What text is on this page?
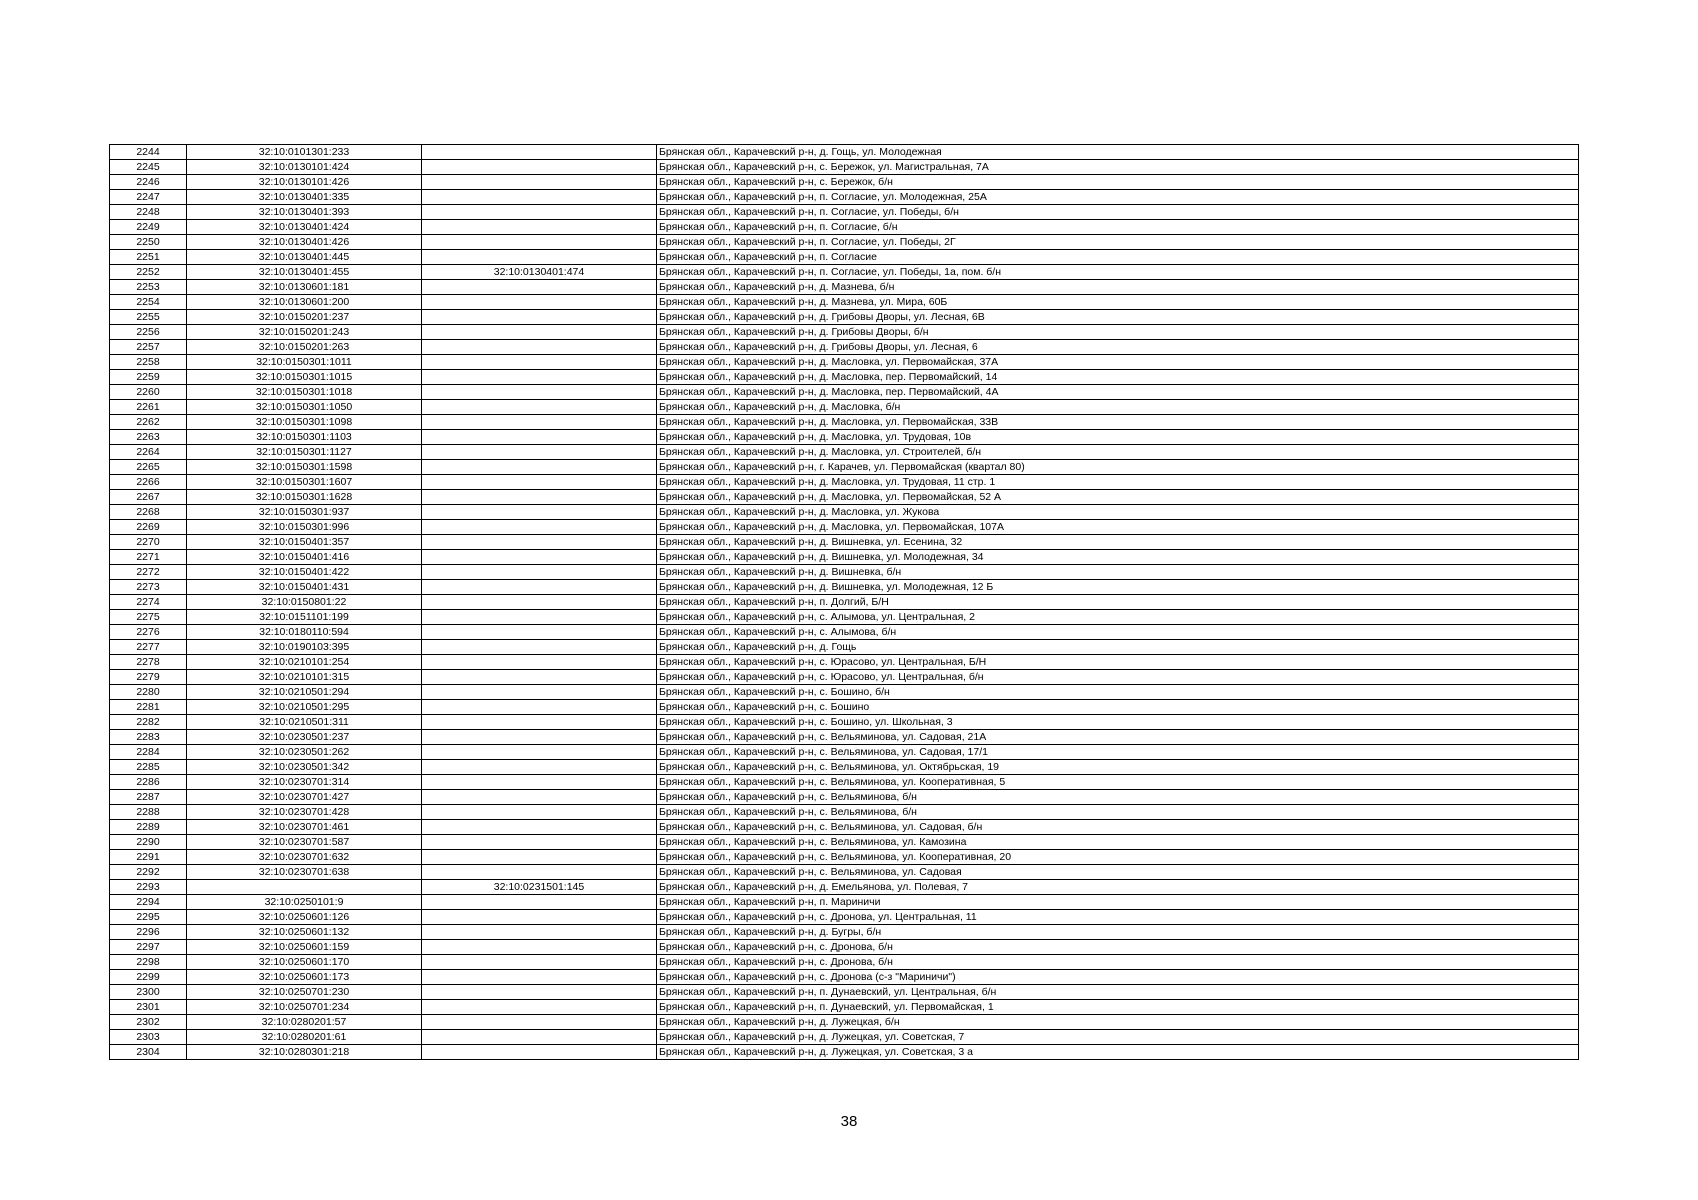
2244	32:10:0101301:233		Брянская обл., Карачевский р-н, д. Гощь, ул. Молодежная
2245	32:10:0130101:424		Брянская обл., Карачевский р-н, с. Бережок, ул. Магистральная, 7А
2246	32:10:0130101:426		Брянская обл., Карачевский р-н, с. Бережок, б/н
2247	32:10:0130401:335		Брянская обл., Карачевский р-н, п. Согласие, ул. Молодежная, 25А
2248	32:10:0130401:393		Брянская обл., Карачевский р-н, п. Согласие, ул. Победы, б/н
2249	32:10:0130401:424		Брянская обл., Карачевский р-н, п. Согласие, б/н
2250	32:10:0130401:426		Брянская обл., Карачевский р-н, п. Согласие, ул. Победы, 2Г
2251	32:10:0130401:445		Брянская обл., Карачевский р-н, п. Согласие
2252	32:10:0130401:455	32:10:0130401:474	Брянская обл., Карачевский р-н, п. Согласие, ул. Победы, 1а, пом. б/н
2253	32:10:0130601:181		Брянская обл., Карачевский р-н, д. Мазнева, б/н
2254	32:10:0130601:200		Брянская обл., Карачевский р-н, д. Мазнева, ул. Мира, 60Б
2255	32:10:0150201:237		Брянская обл., Карачевский р-н, д. Грибовы Дворы, ул. Лесная, 6В
2256	32:10:0150201:243		Брянская обл., Карачевский р-н, д. Грибовы Дворы, б/н
2257	32:10:0150201:263		Брянская обл., Карачевский р-н, д. Грибовы Дворы, ул. Лесная, 6
2258	32:10:0150301:1011		Брянская обл., Карачевский р-н, д. Масловка, ул. Первомайская, 37А
2259	32:10:0150301:1015		Брянская обл., Карачевский р-н, д. Масловка, пер. Первомайский, 14
2260	32:10:0150301:1018		Брянская обл., Карачевский р-н, д. Масловка, пер. Первомайский, 4А
2261	32:10:0150301:1050		Брянская обл., Карачевский р-н, д. Масловка, б/н
2262	32:10:0150301:1098		Брянская обл., Карачевский р-н, д. Масловка, ул. Первомайская, 33В
2263	32:10:0150301:1103		Брянская обл., Карачевский р-н, д. Масловка, ул. Трудовая, 10в
2264	32:10:0150301:1127		Брянская обл., Карачевский р-н, д. Масловка, ул. Строителей, б/н
2265	32:10:0150301:1598		Брянская обл., Карачевский р-н, г. Карачев, ул. Первомайская (квартал 80)
2266	32:10:0150301:1607		Брянская обл., Карачевский р-н, д. Масловка, ул. Трудовая, 11 стр. 1
2267	32:10:0150301:1628		Брянская обл., Карачевский р-н, д. Масловка, ул. Первомайская, 52 А
2268	32:10:0150301:937		Брянская обл., Карачевский р-н, д. Масловка, ул. Жукова
2269	32:10:0150301:996		Брянская обл., Карачевский р-н, д. Масловка, ул. Первомайская, 107А
2270	32:10:0150401:357		Брянская обл., Карачевский р-н, д. Вишневка, ул. Есенина, 32
2271	32:10:0150401:416		Брянская обл., Карачевский р-н, д. Вишневка, ул. Молодежная, 34
2272	32:10:0150401:422		Брянская обл., Карачевский р-н, д. Вишневка, б/н
2273	32:10:0150401:431		Брянская обл., Карачевский р-н, д. Вишневка, ул. Молодежная, 12 Б
2274	32:10:0150801:22		Брянская обл., Карачевский р-н, п. Долгий, Б/Н
2275	32:10:0151101:199		Брянская обл., Карачевский р-н, с. Алымова, ул. Центральная, 2
2276	32:10:0180110:594		Брянская обл., Карачевский р-н, с. Алымова, б/н
2277	32:10:0190103:395		Брянская обл., Карачевский р-н, д. Гощь
2278	32:10:0210101:254		Брянская обл., Карачевский р-н, с. Юрасово, ул. Центральная, Б/Н
2279	32:10:0210101:315		Брянская обл., Карачевский р-н, с. Юрасово, ул. Центральная, б/н
2280	32:10:0210501:294		Брянская обл., Карачевский р-н, с. Бошино, б/н
2281	32:10:0210501:295		Брянская обл., Карачевский р-н, с. Бошино
2282	32:10:0210501:311		Брянская обл., Карачевский р-н, с. Бошино, ул. Школьная, 3
2283	32:10:0230501:237		Брянская обл., Карачевский р-н, с. Вельяминова, ул. Садовая, 21А
2284	32:10:0230501:262		Брянская обл., Карачевский р-н, с. Вельяминова, ул. Садовая, 17/1
2285	32:10:0230501:342		Брянская обл., Карачевский р-н, с. Вельяминова, ул. Октябрьская, 19
2286	32:10:0230701:314		Брянская обл., Карачевский р-н, с. Вельяминова, ул. Кооперативная, 5
2287	32:10:0230701:427		Брянская обл., Карачевский р-н, с. Вельяминова, б/н
2288	32:10:0230701:428		Брянская обл., Карачевский р-н, с. Вельяминова, б/н
2289	32:10:0230701:461		Брянская обл., Карачевский р-н, с. Вельяминова, ул. Садовая, б/н
2290	32:10:0230701:587		Брянская обл., Карачевский р-н, с. Вельяминова, ул. Камозина
2291	32:10:0230701:632		Брянская обл., Карачевский р-н, с. Вельяминова, ул. Кооперативная, 20
2292	32:10:0230701:638		Брянская обл., Карачевский р-н, с. Вельяминова, ул. Садовая
2293		32:10:0231501:145	Брянская обл., Карачевский р-н, д. Емельянова, ул. Полевая, 7
2294	32:10:0250101:9		Брянская обл., Карачевский р-н, п. Мариничи
2295	32:10:0250601:126		Брянская обл., Карачевский р-н, с. Дронова, ул. Центральная, 11
2296	32:10:0250601:132		Брянская обл., Карачевский р-н, д. Бугры, б/н
2297	32:10:0250601:159		Брянская обл., Карачевский р-н, с. Дронова, б/н
2298	32:10:0250601:170		Брянская обл., Карачевский р-н, с. Дронова, б/н
2299	32:10:0250601:173		Брянская обл., Карачевский р-н, с. Дронова (с-з "Мариничи")
2300	32:10:0250701:230		Брянская обл., Карачевский р-н, п. Дунаевский, ул. Центральная, б/н
2301	32:10:0250701:234		Брянская обл., Карачевский р-н, п. Дунаевский, ул. Первомайская, 1
2302	32:10:0280201:57		Брянская обл., Карачевский р-н, д. Лужецкая, б/н
2303	32:10:0280201:61		Брянская обл., Карачевский р-н, д. Лужецкая, ул. Советская, 7
2304	32:10:0280301:218		Брянская обл., Карачевский р-н, д. Лужецкая, ул. Советская, 3 а
38
